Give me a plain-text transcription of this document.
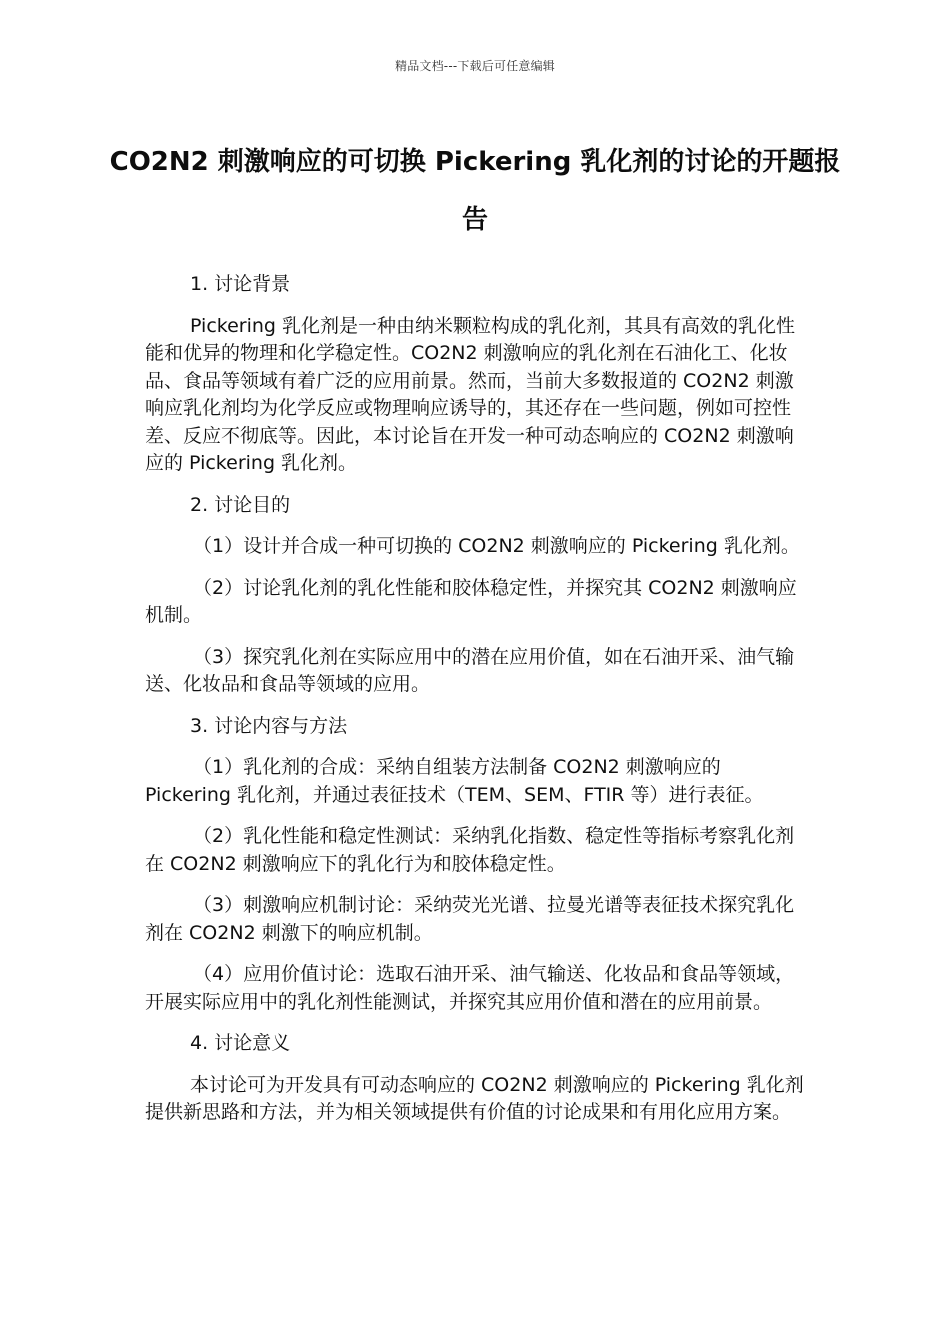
精品文档---下载后可任意编辑
CO2N2 刺激响应的可切换 Pickering 乳化剂的讨论的开题报告

1. 讨论背景

Pickering 乳化剂是一种由纳米颗粒构成的乳化剂，其具有高效的乳化性能和优异的物理和化学稳定性。CO2N2 刺激响应的乳化剂在石油化工、化妆品、食品等领域有着广泛的应用前景。然而，当前大多数报道的 CO2N2 刺激响应乳化剂均为化学反应或物理响应诱导的，其还存在一些问题，例如可控性差、反应不彻底等。因此，本讨论旨在开发一种可动态响应的 CO2N2 刺激响应的 Pickering 乳化剂。

2. 讨论目的

（1）设计并合成一种可切换的 CO2N2 刺激响应的 Pickering 乳化剂。

（2）讨论乳化剂的乳化性能和胶体稳定性，并探究其 CO2N2 刺激响应机制。

（3）探究乳化剂在实际应用中的潜在应用价值，如在石油开采、油气输送、化妆品和食品等领域的应用。

3. 讨论内容与方法

（1）乳化剂的合成：采纳自组装方法制备 CO2N2 刺激响应的 Pickering 乳化剂，并通过表征技术（TEM、SEM、FTIR 等）进行表征。

（2）乳化性能和稳定性测试：采纳乳化指数、稳定性等指标考察乳化剂在 CO2N2 刺激响应下的乳化行为和胶体稳定性。

（3）刺激响应机制讨论：采纳荧光光谱、拉曼光谱等表征技术探究乳化剂在 CO2N2 刺激下的响应机制。

（4）应用价值讨论：选取石油开采、油气输送、化妆品和食品等领域，开展实际应用中的乳化剂性能测试，并探究其应用价值和潜在的应用前景。

4. 讨论意义

本讨论可为开发具有可动态响应的 CO2N2 刺激响应的 Pickering 乳化剂提供新思路和方法，并为相关领域提供有价值的讨论成果和有用化应用方案。
